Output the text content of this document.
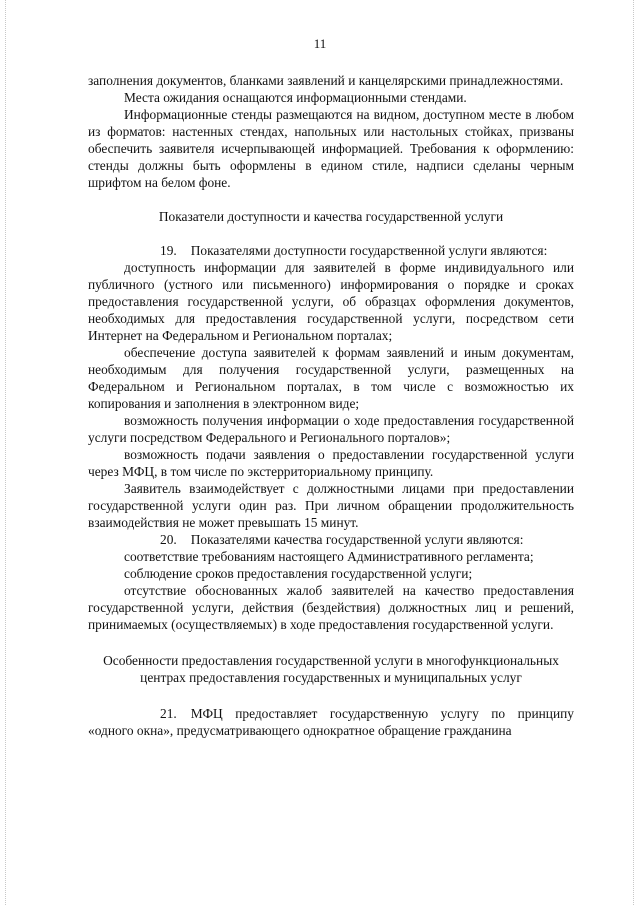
11

заполнения документов, бланками заявлений и канцелярскими принадлежностями.

Места ожидания оснащаются информационными стендами.

Информационные стенды размещаются на видном, доступном месте в любом из форматов: настенных стендах, напольных или настольных стойках, призваны обеспечить заявителя исчерпывающей информацией. Требования к оформлению: стенды должны быть оформлены в едином стиле, надписи сделаны черным шрифтом на белом фоне.

Показатели доступности и качества государственной услуги

19. Показателями доступности государственной услуги являются:

доступность информации для заявителей в форме индивидуального или публичного (устного или письменного) информирования о порядке и сроках предоставления государственной услуги, об образцах оформления документов, необходимых для предоставления государственной услуги, посредством сети Интернет на Федеральном и Региональном порталах;

обеспечение доступа заявителей к формам заявлений и иным документам, необходимым для получения государственной услуги, размещенных на Федеральном и Региональном порталах, в том числе с возможностью их копирования и заполнения в электронном виде;

возможность получения информации о ходе предоставления государственной услуги посредством Федерального и Регионального порталов»;

возможность подачи заявления о предоставлении государственной услуги через МФЦ, в том числе по экстерриториальному принципу.

Заявитель взаимодействует с должностными лицами при предоставлении государственной услуги один раз. При личном обращении продолжительность взаимодействия не может превышать 15 минут.

20. Показателями качества государственной услуги являются:

соответствие требованиям настоящего Административного регламента;

соблюдение сроков предоставления государственной услуги;

отсутствие обоснованных жалоб заявителей на качество предоставления государственной услуги, действия (бездействия) должностных лиц и решений, принимаемых (осуществляемых) в ходе предоставления государственной услуги.

Особенности предоставления государственной услуги в многофункциональных центрах предоставления государственных и муниципальных услуг

21. МФЦ предоставляет государственную услугу по принципу «одного окна», предусматривающего однократное обращение гражданина
